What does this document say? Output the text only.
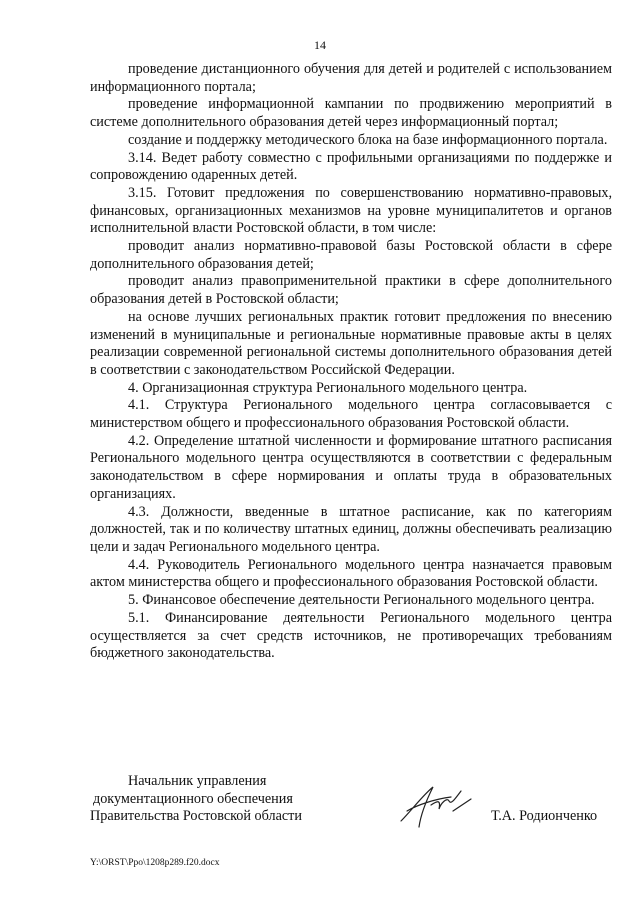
14

проведение дистанционного обучения для детей и родителей с использованием информационного портала;

проведение информационной кампании по продвижению мероприятий в системе дополнительного образования детей через информационный портал;

создание и поддержку методического блока на базе информационного портала.

3.14. Ведет работу совместно с профильными организациями по поддержке и сопровождению одаренных детей.

3.15. Готовит предложения по совершенствованию нормативно-правовых, финансовых, организационных механизмов на уровне муниципалитетов и органов исполнительной власти Ростовской области, в том числе:

проводит анализ нормативно-правовой базы Ростовской области в сфере дополнительного образования детей;

проводит анализ правоприменительной практики в сфере дополнительного образования детей в Ростовской области;

на основе лучших региональных практик готовит предложения по внесению изменений в муниципальные и региональные нормативные правовые акты в целях реализации современной региональной системы дополнительного образования детей в соответствии с законодательством Российской Федерации.

4. Организационная структура Регионального модельного центра.

4.1. Структура Регионального модельного центра согласовывается с министерством общего и профессионального образования Ростовской области.

4.2. Определение штатной численности и формирование штатного расписания Регионального модельного центра осуществляются в соответствии с федеральным законодательством в сфере нормирования и оплаты труда в образовательных организациях.

4.3. Должности, введенные в штатное расписание, как по категориям должностей, так и по количеству штатных единиц, должны обеспечивать реализацию цели и задач Регионального модельного центра.

4.4. Руководитель Регионального модельного центра назначается правовым актом министерства общего и профессионального образования Ростовской области.

5. Финансовое обеспечение деятельности Регионального модельного центра.

5.1. Финансирование деятельности Регионального модельного центра осуществляется за счет средств источников, не противоречащих требованиям бюджетного законодательства.

Начальник управления
документационного обеспечения
Правительства Ростовской области	Т.А. Родионченко
Y:\ORST\Ppo\1208p289.f20.docx
